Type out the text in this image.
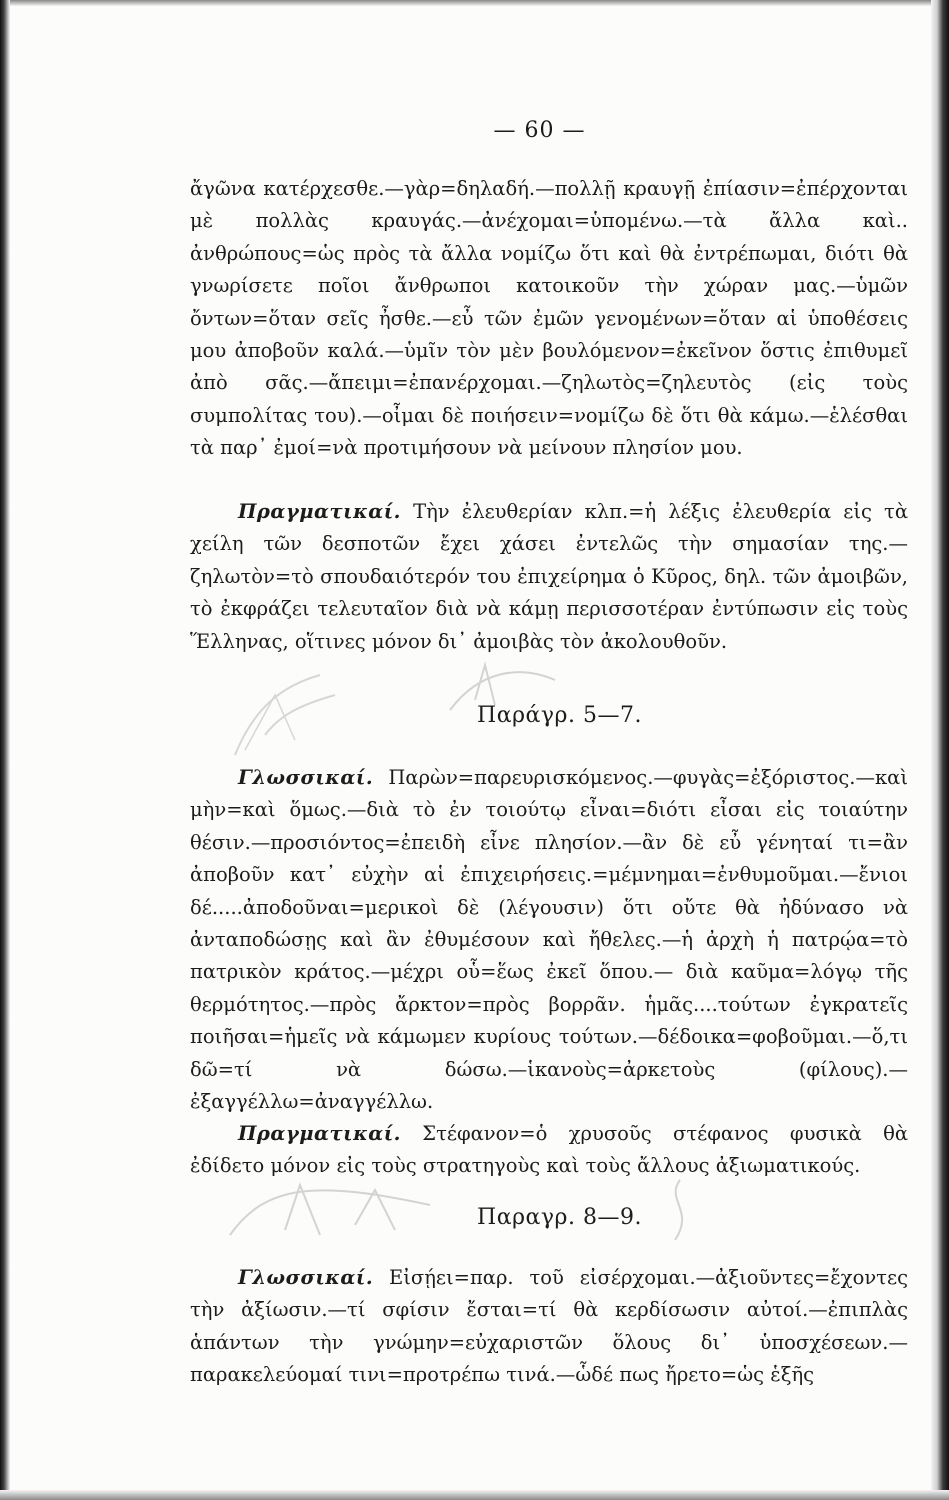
— 60 —

ἄγῶνα κατέρχεσθε.—γὰρ=δηλαδή.—πολλῇ κραυγῇ ἐπίασιν=ἐπέρχονται μὲ πολλὰς κραυγάς.—ἀνέχομαι=ὑπομένω.—τὰ ἄλλα καὶ.. ἀνθρώπους=ὡς πρὸς τὰ ἄλλα νομίζω ὅτι καὶ θὰ ἐντρέπωμαι, διότι θὰ γνωρίσετε ποῖοι ἄνθρωποι κατοικοῦν τὴν χώραν μας.—ὑμῶν ὄντων=ὅταν σεῖς ἦσθε.—εὖ τῶν ἐμῶν γενομένων=ὅταν αἱ ὑποθέσεις μου ἀποβοῦν καλά.—ὑμῖν τὸν μὲν βουλόμενον=ἐκεῖνον ὅστις ἐπιθυμεῖ ἀπὸ σᾶς.—ἄπειμι=ἐπανέρχομαι.—ζηλωτὸς=ζηλευτὸς (εἰς τοὺς συμπολίτας του).—οἶμαι δὲ ποιήσειν=νομίζω δὲ ὅτι θὰ κάμω.—ἑλέσθαι τὰ παρ᾽ ἐμοί=νὰ προτιμήσουν νὰ μείνουν πλησίον μου.

Πραγματικαί. Τὴν ἐλευθερίαν κλπ.=ἡ λέξις ἐλευθερία εἰς τὰ χείλη τῶν δεσποτῶν ἔχει χάσει ἐντελῶς τὴν σημασίαν της.—ζηλωτὸν=τὸ σπουδαιότερόν του ἐπιχείρημα ὁ Κῦρος, δηλ. τῶν ἀμοιβῶν, τὸ ἐκφράζει τελευταῖον διὰ νὰ κάμῃ περισσοτέραν ἐντύπωσιν εἰς τοὺς Ἕλληνας, οἵτινες μόνον δι᾽ ἀμοιβὰς τὸν ἀκολουθοῦν.

Παράγρ. 5—7.

Γλωσσικαί. Παρὼν=παρευρισκόμενος.—φυγὰς=ἐξόριστος.—καὶ μὴν=καὶ ὅμως.—διὰ τὸ ἐν τοιούτῳ εἶναι=διότι εἶσαι εἰς τοιαύτην θέσιν.—προσιόντος=ἐπειδὴ εἶνε πλησίον.—ἂν δὲ εὖ γένηταί τι=ἂν ἀποβοῦν κατ᾽ εὐχὴν αἱ ἐπιχειρήσεις.=μέμνημαι=ἐνθυμοῦμαι.—ἔνιοι δέ.....ἀποδοῦναι=μερικοὶ δὲ (λέγουσιν) ὅτι οὔτε θὰ ἠδύνασο νὰ ἀνταποδώσῃς καὶ ἂν ἐθυμέσουν καὶ ἤθελες.—ἡ ἀρχὴ ἡ πατρῴα=τὸ πατρικὸν κράτος.—μέχρι οὗ=ἕως ἐκεῖ ὅπου.— διὰ καῦμα=λόγῳ τῆς θερμότητος.—πρὸς ἄρκτον=πρὸς βορρᾶν. ἡμᾶς....τούτων ἐγκρατεῖς ποιῆσαι=ἡμεῖς νὰ κάμωμεν κυρίους τούτων.—δέδοικα=φοβοῦμαι.—ὅ,τι δῶ=τί νὰ δώσω.—ἱκανοὺς=ἀρκετοὺς (φίλους).—ἐξαγγέλλω=ἀναγγέλλω.

Πραγματικαί. Στέφανον=ὁ χρυσοῦς στέφανος φυσικὰ θὰ ἐδίδετο μόνον εἰς τοὺς στρατηγοὺς καὶ τοὺς ἄλλους ἀξιωματικούς.

Παραγρ. 8—9.

Γλωσσικαί. Εἰσῄει=παρ. τοῦ εἰσέρχομαι.—ἀξιοῦντες=ἔχοντες τὴν ἀξίωσιν.—τί σφίσιν ἔσται=τί θὰ κερδίσωσιν αὐτοί.—ἐπιπλὰς ἁπάντων τὴν γνώμην=εὐχαριστῶν ὅλους δι᾽ ὑποσχέσεων.—παρακελεύομαί τινι=προτρέπω τινά.—ὧδέ πως ἤρετο=ὡς ἑξῆς
